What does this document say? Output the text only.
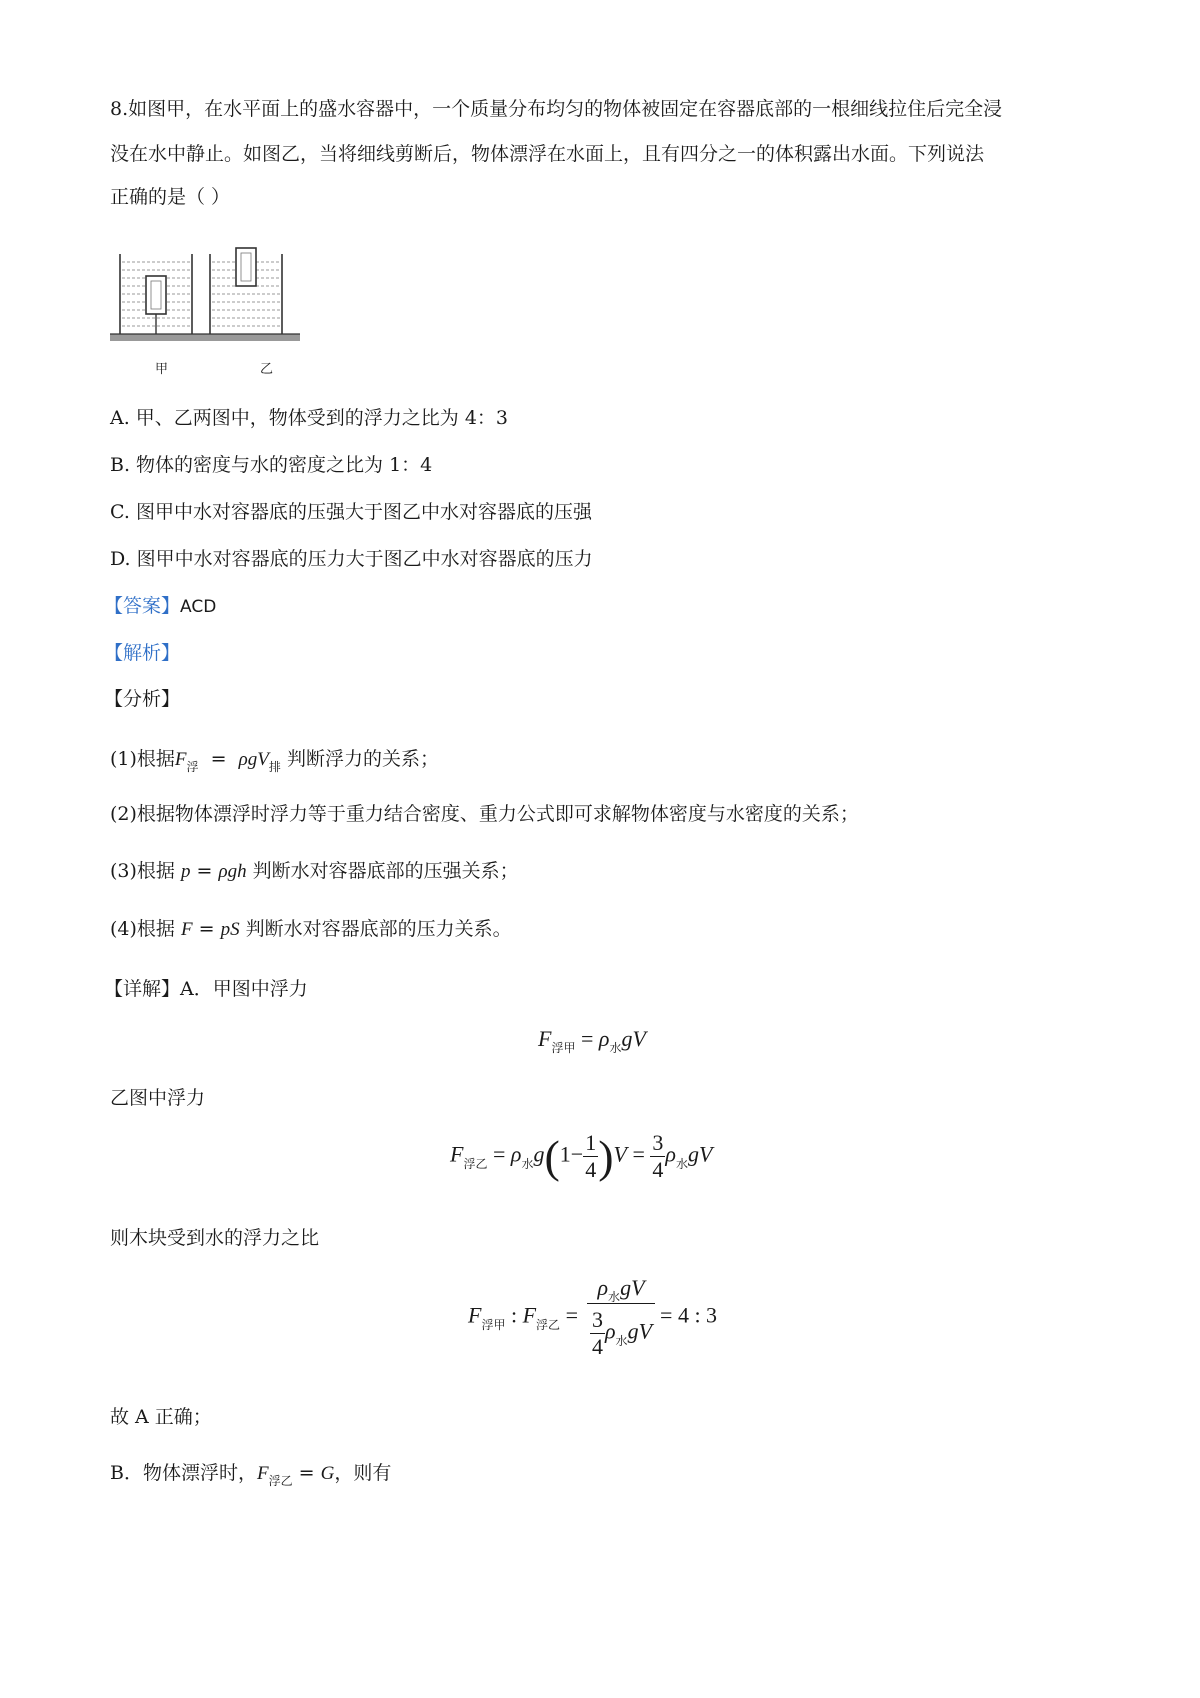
8.如图甲，在水平面上的盛水容器中，一个质量分布均匀的物体被固定在容器底部的一根细线拉住后完全浸
没在水中静止。如图乙，当将细线剪断后，物体漂浮在水面上，且有四分之一的体积露出水面。下列说法
正确的是（ ）
甲	乙
A. 甲、乙两图中，物体受到的浮力之比为 4：3
B. 物体的密度与水的密度之比为 1：4
C. 图甲中水对容器底的压强大于图乙中水对容器底的压强
D. 图甲中水对容器底的压力大于图乙中水对容器底的压力
【答案】ACD
【解析】
【分析】
(1)根据$F_浮 = \rho gV_排$ 判断浮力的关系；
(2)根据物体漂浮时浮力等于重力结合密度、重力公式即可求解物体密度与水密度的关系；
(3)根据 p = ρgh 判断水对容器底部的压强关系；
(4)根据 F = pS 判断水对容器底部的压力关系。
【详解】A．甲图中浮力
$F_{浮甲} = \rho_水gV$
乙图中浮力
$F_{浮乙} = \rho_水g(1- \frac{1}{4} )V = \frac{3}{4} \rho_水gV$
则木块受到水的浮力之比
$F_{浮甲}$ : $F_{浮乙} = \frac{\rho_水gV}{\frac{3}{4} \rho_水gV} = 4$ : 3
故 A 正确；
B．物体漂浮时，$F_{浮乙} = G$，则有
